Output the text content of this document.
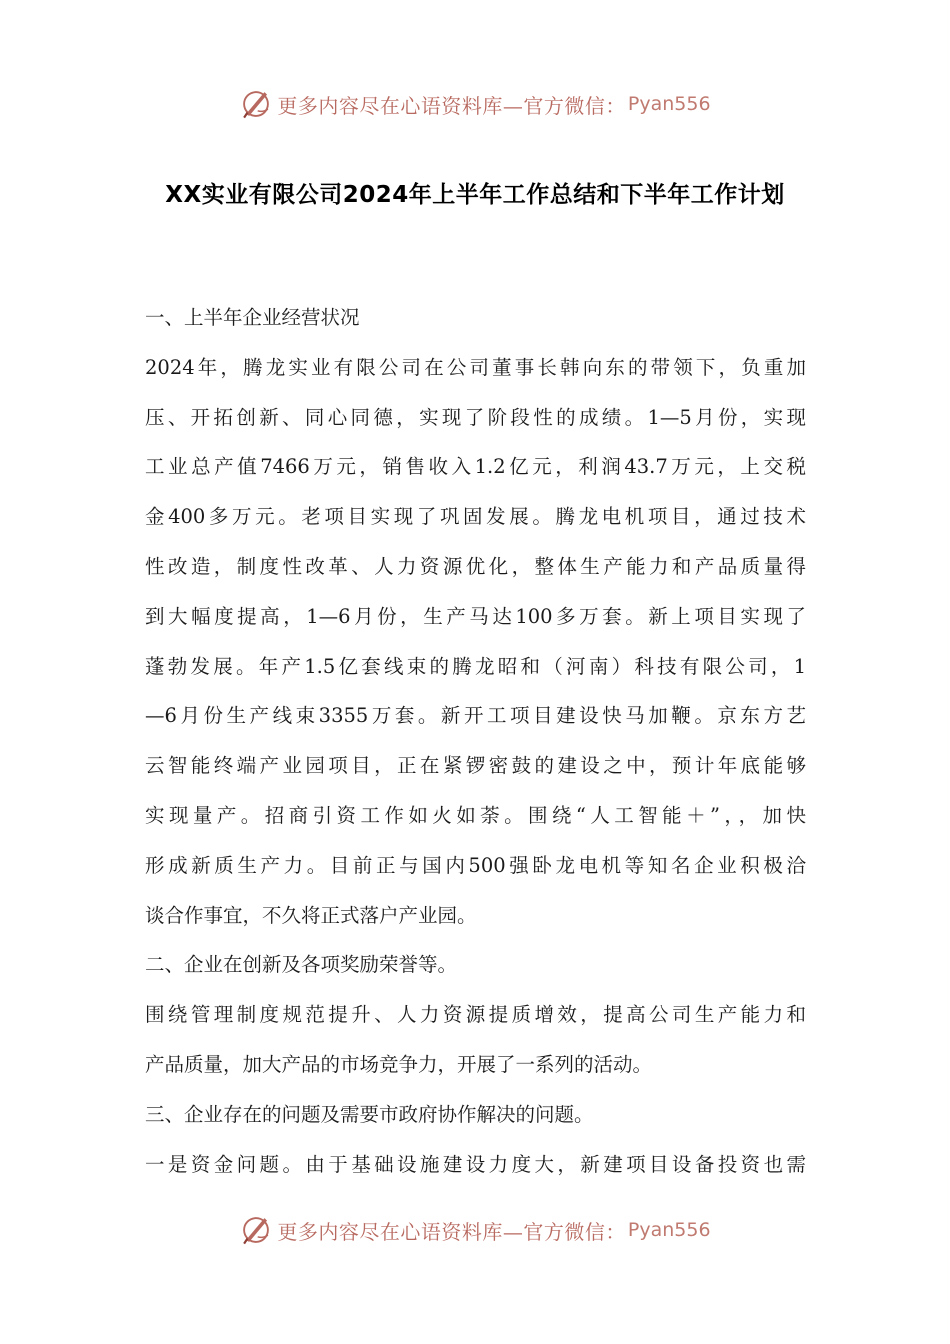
更多内容尽在心语资料库—官方微信： Pyan556
XX实业有限公司2024年上半年工作总结和下半年工作计划
一、上半年企业经营状况
2024年，腾龙实业有限公司在公司董事长韩向东的带领下，负重加
压、开拓创新、同心同德，实现了阶段性的成绩。1—5月份，实现
工业总产值7466万元，销售收入1.2亿元，利润43.7万元，上交税
金400多万元。老项目实现了巩固发展。腾龙电机项目，通过技术
性改造，制度性改革、人力资源优化，整体生产能力和产品质量得
到大幅度提高，1—6月份，生产马达100多万套。新上项目实现了
蓬勃发展。年产1.5亿套线束的腾龙昭和（河南）科技有限公司，1
—6月份生产线束3355万套。新开工项目建设快马加鞭。京东方艺
云智能终端产业园项目，正在紧锣密鼓的建设之中，预计年底能够
实现量产。招商引资工作如火如荼。围绕“人工智能＋”，，加快
形成新质生产力。目前正与国内500强卧龙电机等知名企业积极洽
谈合作事宜，不久将正式落户产业园。
二、企业在创新及各项奖励荣誉等。
围绕管理制度规范提升、人力资源提质增效，提高公司生产能力和
产品质量，加大产品的市场竞争力，开展了一系列的活动。
三、企业存在的问题及需要市政府协作解决的问题。
一是资金问题。由于基础设施建设力度大，新建项目设备投资也需
更多内容尽在心语资料库—官方微信： Pyan556
